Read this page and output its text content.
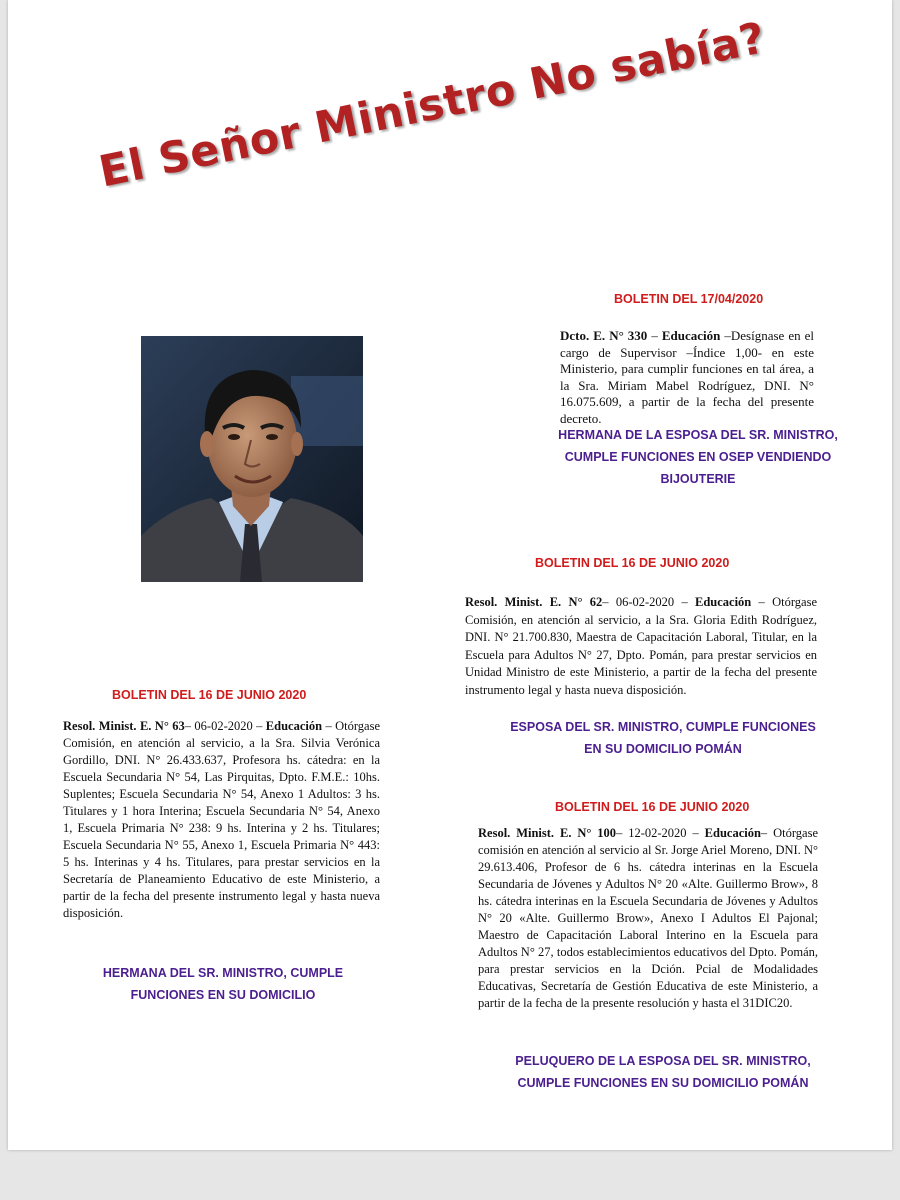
El Señor Ministro No sabía?
BOLETIN DEL 17/04/2020
Dcto. E. N° 330 – Educación –Desígnase en el cargo de Supervisor –Índice 1,00- en este Ministerio, para cumplir funciones en tal área, a la Sra. Miriam Mabel Rodríguez, DNI. N° 16.075.609, a partir de la fecha del presente decreto.
HERMANA DE LA ESPOSA DEL SR. MINISTRO, CUMPLE FUNCIONES EN OSEP VENDIENDO BIJOUTERIE
BOLETIN DEL 16 DE JUNIO 2020
Resol. Minist. E. N° 62– 06-02-2020 – Educación – Otórgase Comisión, en atención al servicio, a la Sra. Gloria Edith Rodríguez, DNI. N° 21.700.830, Maestra de Capacitación Laboral, Titular, en la Escuela para Adultos N° 27, Dpto. Pomán, para prestar servicios en Unidad Ministro de este Ministerio, a partir de la fecha del presente instrumento legal y hasta nueva disposición.
ESPOSA DEL SR. MINISTRO, CUMPLE FUNCIONES EN SU DOMICILIO POMÁN
BOLETIN DEL 16 DE JUNIO 2020
Resol. Minist. E. N° 63– 06-02-2020 – Educación – Otórgase Comisión, en atención al servicio, a la Sra. Silvia Verónica Gordillo, DNI. N° 26.433.637, Profesora hs. cátedra: en la Escuela Secundaria N° 54, Las Pirquitas, Dpto. F.M.E.: 10hs. Suplentes; Escuela Secundaria N° 54, Anexo 1 Adultos: 3 hs. Titulares y 1 hora Interina; Escuela Secundaria N° 54, Anexo 1, Escuela Primaria N° 238: 9 hs. Interina y 2 hs. Titulares; Escuela Secundaria N° 55, Anexo 1, Escuela Primaria N° 443: 5 hs. Interinas y 4 hs. Titulares, para prestar servicios en la Secretaría de Planeamiento Educativo de este Ministerio, a partir de la fecha del presente instrumento legal y hasta nueva disposición.
HERMANA DEL SR. MINISTRO, CUMPLE FUNCIONES EN SU DOMICILIO
BOLETIN DEL 16 DE JUNIO 2020
Resol. Minist. E. N° 100– 12-02-2020 – Educación– Otórgase comisión en atención al servicio al Sr. Jorge Ariel Moreno, DNI. N° 29.613.406, Profesor de 6 hs. cátedra interinas en la Escuela Secundaria de Jóvenes y Adultos N° 20 «Alte. Guillermo Brow», 8 hs. cátedra interinas en la Escuela Secundaria de Jóvenes y Adultos N° 20 «Alte. Guillermo Brow», Anexo I Adultos El Pajonal; Maestro de Capacitación Laboral Interino en la Escuela para Adultos N° 27, todos establecimientos educativos del Dpto. Pomán, para prestar servicios en la Dción. Pcial de Modalidades Educativas, Secretaría de Gestión Educativa de este Ministerio, a partir de la fecha de la presente resolución y hasta el 31DIC20.
PELUQUERO DE LA ESPOSA DEL SR. MINISTRO, CUMPLE FUNCIONES EN SU DOMICILIO POMÁN
